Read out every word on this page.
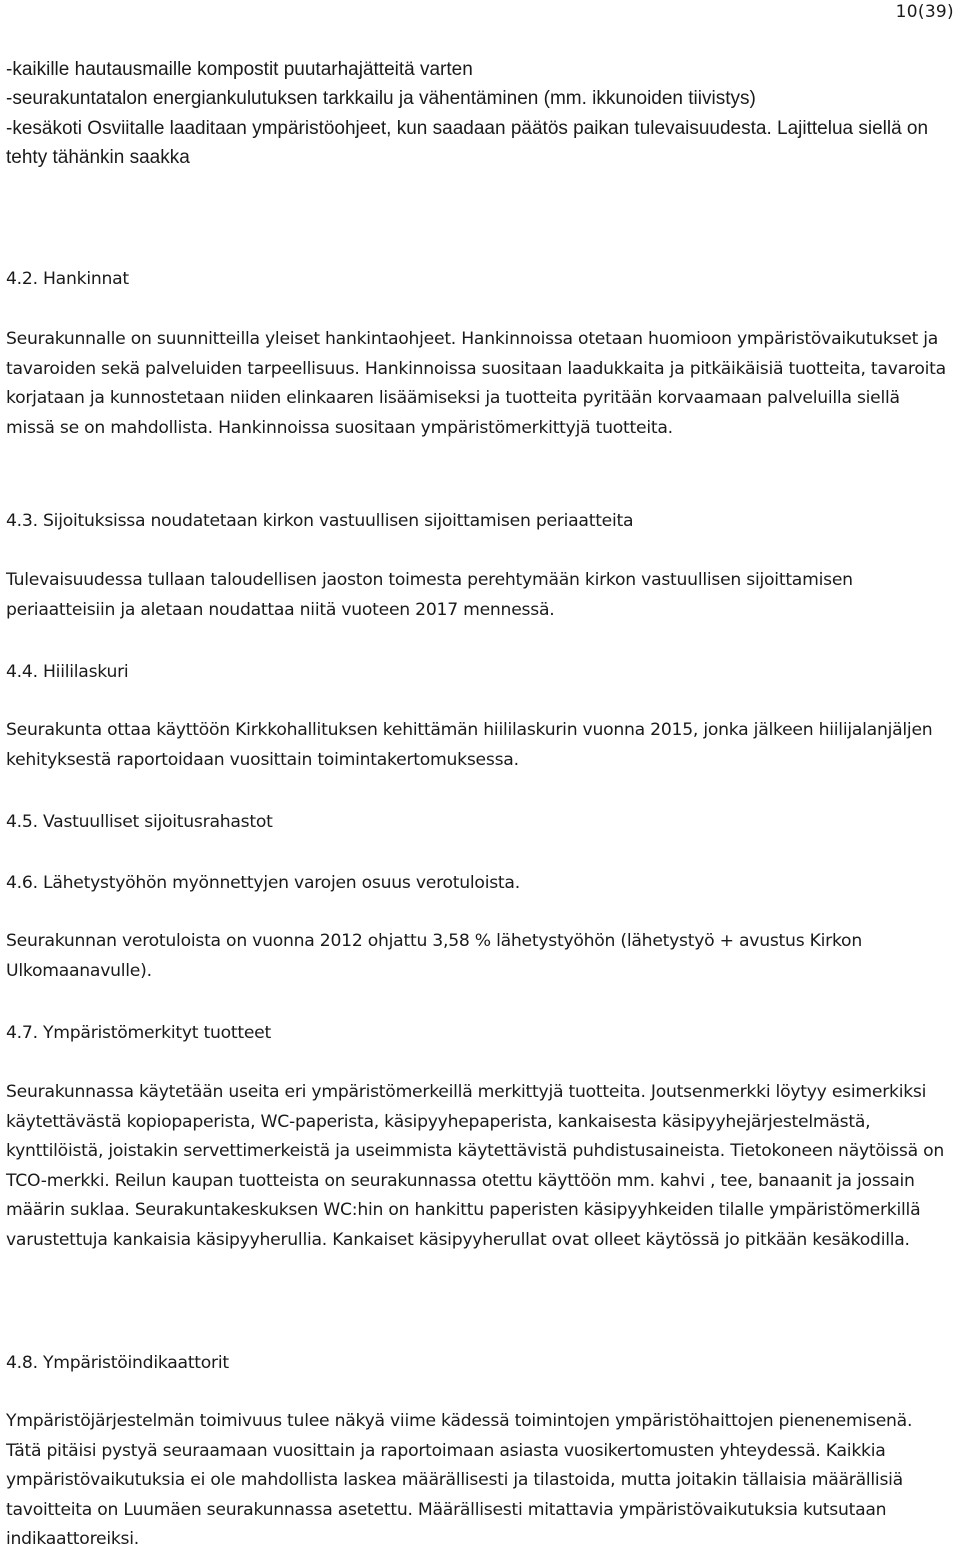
10(39)

-kaikille hautausmaille kompostit puutarhajätteitä varten

-seurakuntatalon energiankulutuksen tarkkailu ja vähentäminen (mm. ikkunoiden tiivistys)

-kesäkoti Osviitalle laaditaan ympäristöohjeet, kun saadaan päätös paikan tulevaisuudesta. Lajittelua siellä on tehty tähänkin saakka

4.2. Hankinnat

Seurakunnalle on suunnitteilla yleiset hankintaohjeet. Hankinnoissa otetaan huomioon ympäristövaikutukset ja tavaroiden sekä palveluiden tarpeellisuus. Hankinnoissa suositaan laadukkaita ja pitkäikäisiä tuotteita, tavaroita korjataan ja kunnostetaan niiden elinkaaren lisäämiseksi ja tuotteita pyritään korvaamaan palveluilla siellä missä se on mahdollista. Hankinnoissa suositaan ympäristömerkittyjä tuotteita.

4.3. Sijoituksissa noudatetaan kirkon vastuullisen sijoittamisen periaatteita

Tulevaisuudessa tullaan taloudellisen jaoston toimesta perehtymään kirkon vastuullisen sijoittamisen periaatteisiin ja aletaan noudattaa niitä vuoteen 2017 mennessä.

4.4. Hiililaskuri

Seurakunta ottaa käyttöön Kirkkohallituksen kehittämän hiililaskurin vuonna 2015, jonka jälkeen hiilijalanjäljen kehityksestä raportoidaan vuosittain toimintakertomuksessa.

4.5. Vastuulliset sijoitusrahastot

4.6. Lähetystyöhön myönnettyjen varojen osuus verotuloista.

Seurakunnan verotuloista on vuonna 2012 ohjattu 3,58 % lähetystyöhön (lähetystyö + avustus Kirkon Ulkomaanavulle).

4.7. Ympäristömerkityt tuotteet

Seurakunnassa käytetään useita eri ympäristömerkeillä merkittyjä tuotteita. Joutsenmerkki löytyy esimerkiksi käytettävästä kopiopaperista, WC-paperista, käsipyyhepaperista, kankaisesta käsipyyhejärjestelmästä, kynttilöistä, joistakin servettimerkeistä ja useimmista käytettävistä puhdistusaineista. Tietokoneen näytöissä on TCO-merkki. Reilun kaupan tuotteista on seurakunnassa otettu käyttöön mm. kahvi , tee, banaanit ja jossain määrin suklaa. Seurakuntakeskuksen WC:hin on hankittu paperisten käsipyyhkeiden tilalle ympäristömerkillä varustettuja kankaisia käsipyyherullia. Kankaiset käsipyyherullat ovat olleet käytössä jo pitkään kesäkodilla.

4.8. Ympäristöindikaattorit

Ympäristöjärjestelmän toimivuus tulee näkyä viime kädessä toimintojen ympäristöhaittojen pienenemisenä. Tätä pitäisi pystyä seuraamaan vuosittain ja raportoimaan asiasta vuosikertomusten yhteydessä. Kaikkia ympäristövaikutuksia ei ole mahdollista laskea määrällisesti ja tilastoida, mutta joitakin tällaisia määrällisiä tavoitteita on Luumäen seurakunnassa asetettu. Määrällisesti mitattavia ympäristövaikutuksia kutsutaan indikaattoreiksi.
